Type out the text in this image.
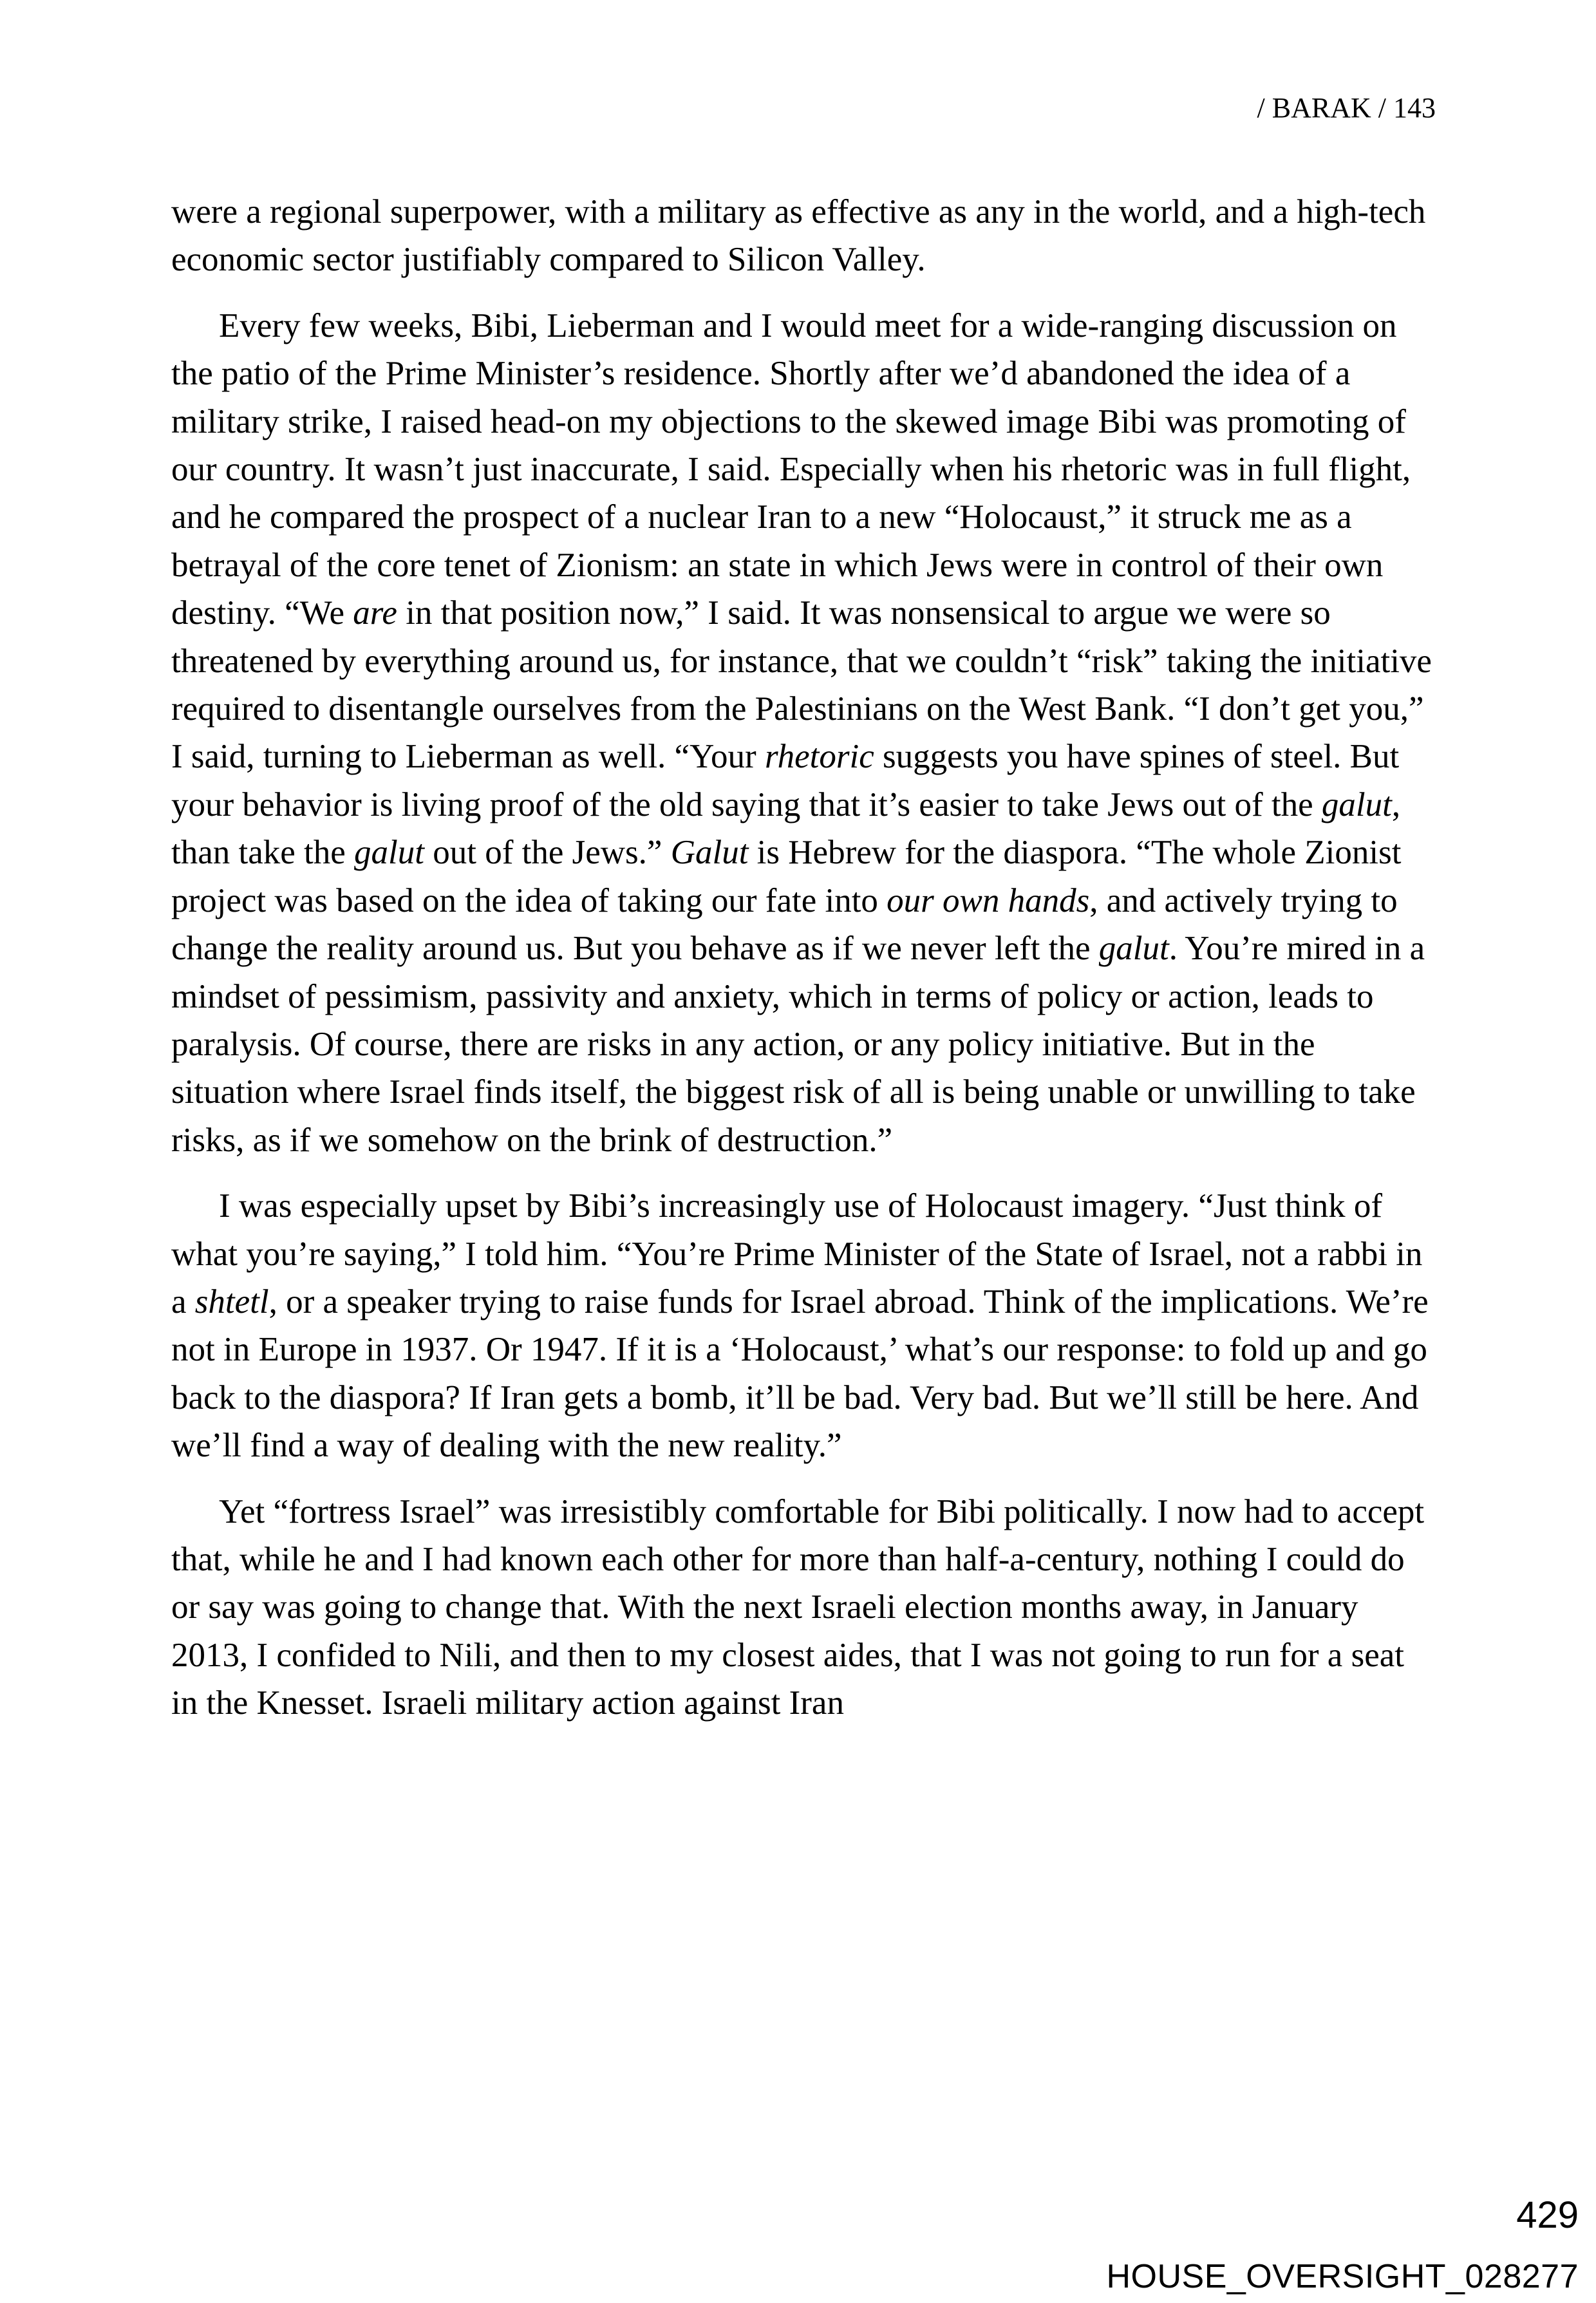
/ BARAK / 143

were a regional superpower, with a military as effective as any in the world, and a high-tech economic sector justifiably compared to Silicon Valley.

Every few weeks, Bibi, Lieberman and I would meet for a wide-ranging discussion on the patio of the Prime Minister’s residence. Shortly after we’d abandoned the idea of a military strike, I raised head-on my objections to the skewed image Bibi was promoting of our country. It wasn’t just inaccurate, I said. Especially when his rhetoric was in full flight, and he compared the prospect of a nuclear Iran to a new “Holocaust,” it struck me as a betrayal of the core tenet of Zionism: an state in which Jews were in control of their own destiny. “We are in that position now,” I said. It was nonsensical to argue we were so threatened by everything around us, for instance, that we couldn’t “risk” taking the initiative required to disentangle ourselves from the Palestinians on the West Bank. “I don’t get you,” I said, turning to Lieberman as well. “Your rhetoric suggests you have spines of steel. But your behavior is living proof of the old saying that it’s easier to take Jews out of the galut, than take the galut out of the Jews.” Galut is Hebrew for the diaspora. “The whole Zionist project was based on the idea of taking our fate into our own hands, and actively trying to change the reality around us. But you behave as if we never left the galut. You’re mired in a mindset of pessimism, passivity and anxiety, which in terms of policy or action, leads to paralysis. Of course, there are risks in any action, or any policy initiative. But in the situation where Israel finds itself, the biggest risk of all is being unable or unwilling to take risks, as if we somehow on the brink of destruction.”

I was especially upset by Bibi’s increasingly use of Holocaust imagery. “Just think of what you’re saying,” I told him. “You’re Prime Minister of the State of Israel, not a rabbi in a shtetl, or a speaker trying to raise funds for Israel abroad. Think of the implications. We’re not in Europe in 1937. Or 1947. If it is a ‘Holocaust,’ what’s our response: to fold up and go back to the diaspora? If Iran gets a bomb, it’ll be bad. Very bad. But we’ll still be here. And we’ll find a way of dealing with the new reality.”

Yet “fortress Israel” was irresistibly comfortable for Bibi politically. I now had to accept that, while he and I had known each other for more than half-a-century, nothing I could do or say was going to change that. With the next Israeli election months away, in January 2013, I confided to Nili, and then to my closest aides, that I was not going to run for a seat in the Knesset. Israeli military action against Iran

429
HOUSE_OVERSIGHT_028277
